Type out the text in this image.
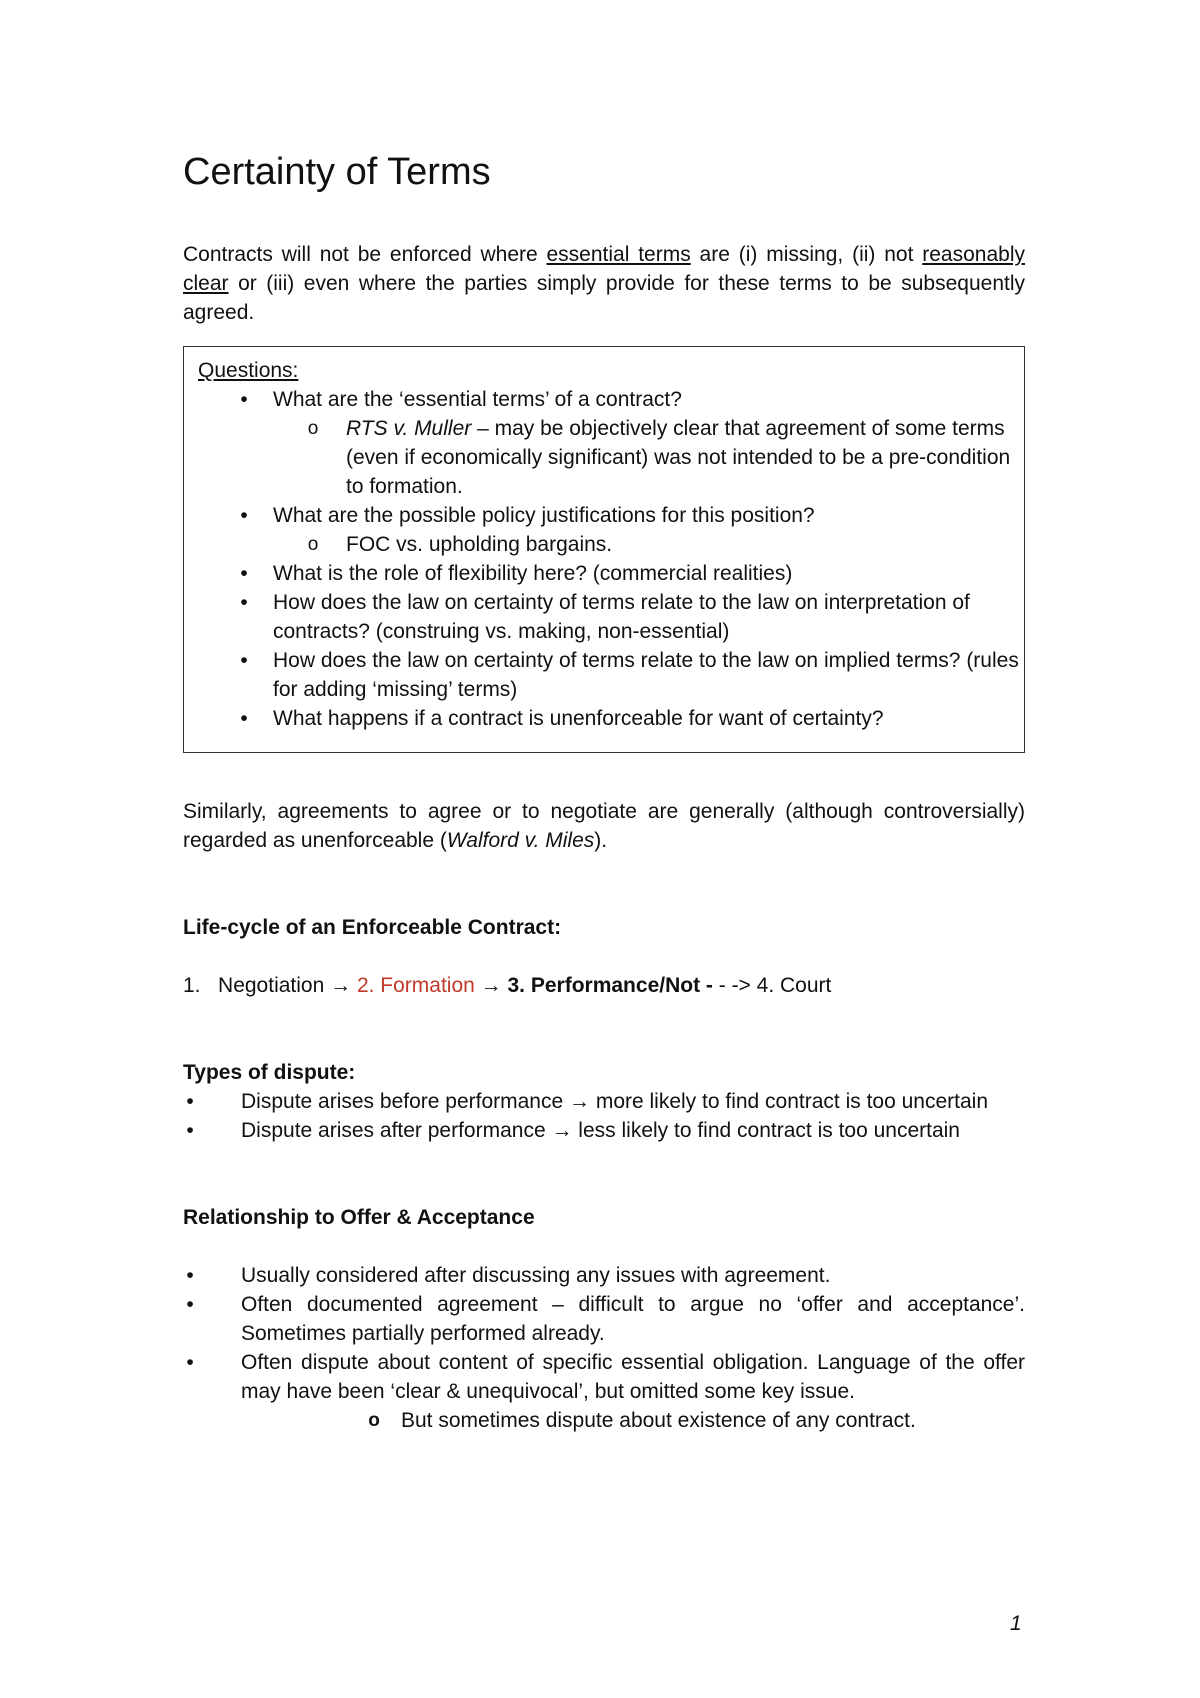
Certainty of Terms

Contracts will not be enforced where essential terms are (i) missing, (ii) not reasonably clear or (iii) even where the parties simply provide for these terms to be subsequently agreed.

Questions:

•	What are the ‘essential terms’ of a contract?
o RTS v. Muller – may be objectively clear that agreement of some terms (even if economically significant) was not intended to be a pre-condition to formation.
•	What are the possible policy justifications for this position?
o FOC vs. upholding bargains.
•	What is the role of flexibility here? (commercial realities)
•	How does the law on certainty of terms relate to the law on interpretation of contracts? (construing vs. making, non-essential)
•	How does the law on certainty of terms relate to the law on implied terms? (rules for adding ‘missing’ terms)
•	What happens if a contract is unenforceable for want of certainty?

Similarly, agreements to agree or to negotiate are generally (although controversially) regarded as unenforceable (Walford v. Miles).

Life-cycle of an Enforceable Contract:

1. Negotiation → 2. Formation → 3. Performance/Not - - -> 4. Court

Types of dispute:

• Dispute arises before performance → more likely to find contract is too uncertain
• Dispute arises after performance → less likely to find contract is too uncertain

Relationship to Offer & Acceptance

• Usually considered after discussing any issues with agreement.
• Often documented agreement – difficult to argue no ‘offer and acceptance’. Sometimes partially performed already.
• Often dispute about content of specific essential obligation. Language of the offer may have been ‘clear & unequivocal’, but omitted some key issue.

o But sometimes dispute about existence of any contract.

1
